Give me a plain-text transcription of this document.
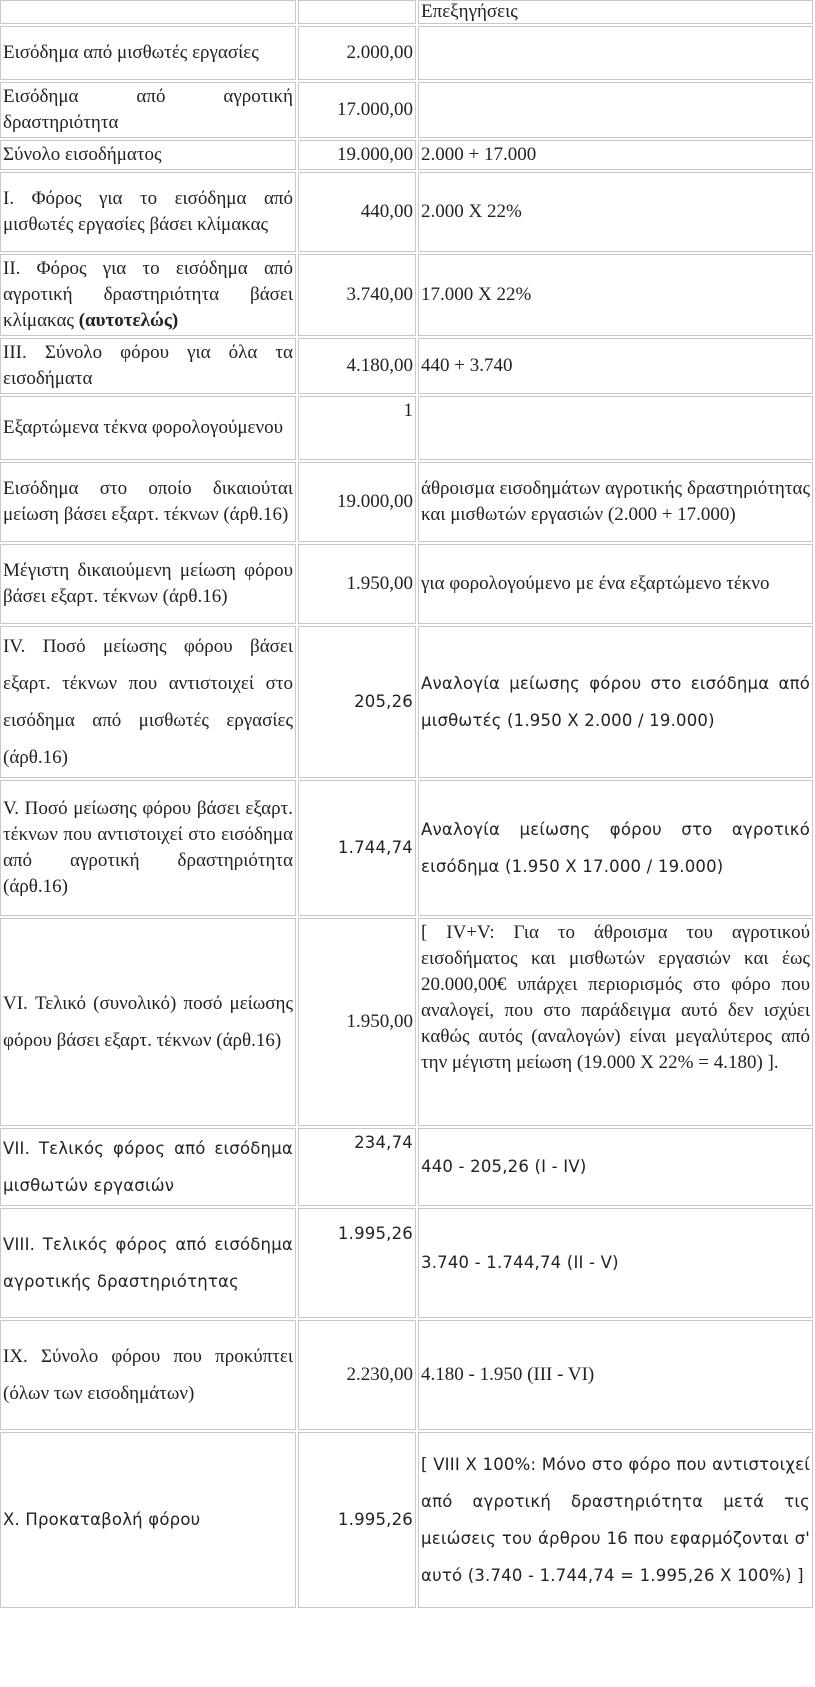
		Επεξηγήσεις
Εισόδημα από μισθωτές εργασίες	2.000,00	
Εισόδημα από αγροτική δραστηριότητα	17.000,00	
Σύνολο εισοδήματος	19.000,00	2.000 + 17.000
I. Φόρος για το εισόδημα από μισθωτές εργασίες βάσει κλίμακας	440,00	2.000 Χ 22%
II. Φόρος για το εισόδημα από αγροτική δραστηριότητα βάσει κλίμακας (αυτοτελώς)	3.740,00	17.000 Χ 22%
III. Σύνολο φόρου για όλα τα εισοδήματα	4.180,00	440 + 3.740
Εξαρτώμενα τέκνα φορολογούμενου	1	
Εισόδημα στο οποίο δικαιούται μείωση βάσει εξαρτ. τέκνων (άρθ.16)	19.000,00	άθροισμα εισοδημάτων αγροτικής δραστηριότητας και μισθωτών εργασιών (2.000 + 17.000)
Μέγιστη δικαιούμενη μείωση φόρου βάσει εξαρτ. τέκνων (άρθ.16)	1.950,00	για φορολογούμενο με ένα εξαρτώμενο τέκνο
IV. Ποσό μείωσης φόρου βάσει εξαρτ. τέκνων που αντιστοιχεί στο εισόδημα από μισθωτές εργασίες (άρθ.16)	205,26	Αναλογία μείωσης φόρου στο εισόδημα από μισθωτές (1.950 Χ 2.000 / 19.000)
V. Ποσό μείωσης φόρου βάσει εξαρτ. τέκνων που αντιστοιχεί στο εισόδημα από αγροτική δραστηριότητα (άρθ.16)	1.744,74	Αναλογία μείωσης φόρου στο αγροτικό εισόδημα (1.950 Χ 17.000 / 19.000)
VI. Τελικό (συνολικό) ποσό μείωσης φόρου βάσει εξαρτ. τέκνων (άρθ.16)	1.950,00	[ IV+V: Για το άθροισμα του αγροτικού εισοδήματος και μισθωτών εργασιών και έως 20.000,00€ υπάρχει περιορισμός στο φόρο που αναλογεί, που στο παράδειγμα αυτό δεν ισχύει καθώς αυτός (αναλογών) είναι μεγαλύτερος από την μέγιστη μείωση (19.000 Χ 22% = 4.180) ].
VII. Τελικός φόρος από εισόδημα μισθωτών εργασιών	234,74	440 - 205,26 (I - IV)
VIII. Τελικός φόρος από εισόδημα αγροτικής δραστηριότητας	1.995,26	3.740 - 1.744,74 (II - V)
IX. Σύνολο φόρου που προκύπτει (όλων των εισοδημάτων)	2.230,00	4.180 - 1.950 (III - VI)
X. Προκαταβολή φόρου	1.995,26	[ VIII Χ 100%: Μόνο στο φόρο που αντιστοιχεί από αγροτική δραστηριότητα μετά τις μειώσεις του άρθρου 16 που εφαρμόζονται σ' αυτό (3.740 - 1.744,74 = 1.995,26 Χ 100%) ]
